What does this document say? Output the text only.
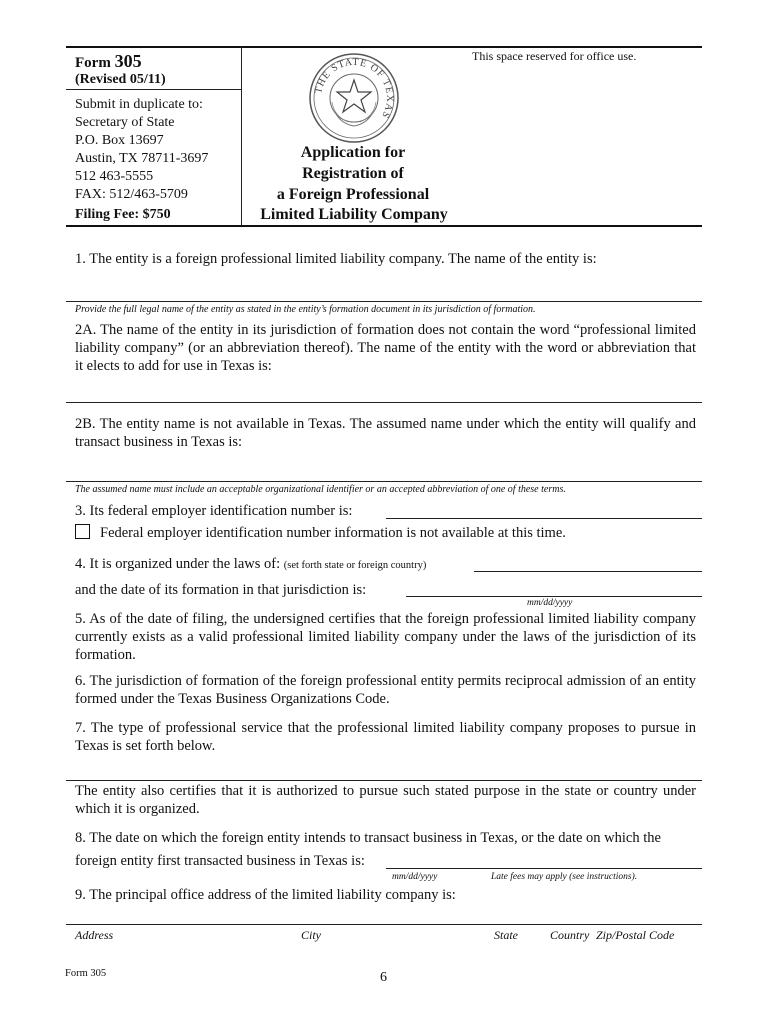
Form 305
(Revised 05/11)
Submit in duplicate to:
Secretary of State
P.O. Box 13697
Austin, TX 78711-3697
512 463-5555
FAX: 512/463-5709
Filing Fee: $750
This space reserved for office use.
THE STATE OF TEXAS
Application for
Registration of
a Foreign Professional
Limited Liability Company
1. The entity is a foreign professional limited liability company. The name of the entity is:
Provide the full legal name of the entity as stated in the entity’s formation document in its jurisdiction of formation.
2A. The name of the entity in its jurisdiction of formation does not contain the word “professional limited liability company” (or an abbreviation thereof). The name of the entity with the word or abbreviation that it elects to add for use in Texas is:
2B. The entity name is not available in Texas. The assumed name under which the entity will qualify and transact business in Texas is:
The assumed name must include an acceptable organizational identifier or an accepted abbreviation of one of these terms.
3. Its federal employer identification number is:
Federal employer identification number information is not available at this time.
4. It is organized under the laws of: (set forth state or foreign country)
and the date of its formation in that jurisdiction is:
mm/dd/yyyy
5. As of the date of filing, the undersigned certifies that the foreign professional limited liability company currently exists as a valid professional limited liability company under the laws of the jurisdiction of its formation.
6. The jurisdiction of formation of the foreign professional entity permits reciprocal admission of an entity formed under the Texas Business Organizations Code.
7. The type of professional service that the professional limited liability company proposes to pursue in Texas is set forth below.
The entity also certifies that it is authorized to pursue such stated purpose in the state or country under which it is organized.
8. The date on which the foreign entity intends to transact business in Texas, or the date on which the
foreign entity first transacted business in Texas is:
mm/dd/yyyy	Late fees may apply (see instructions).
9. The principal office address of the limited liability company is:
Address	City	State	Country Zip/Postal Code
Form 305	6
